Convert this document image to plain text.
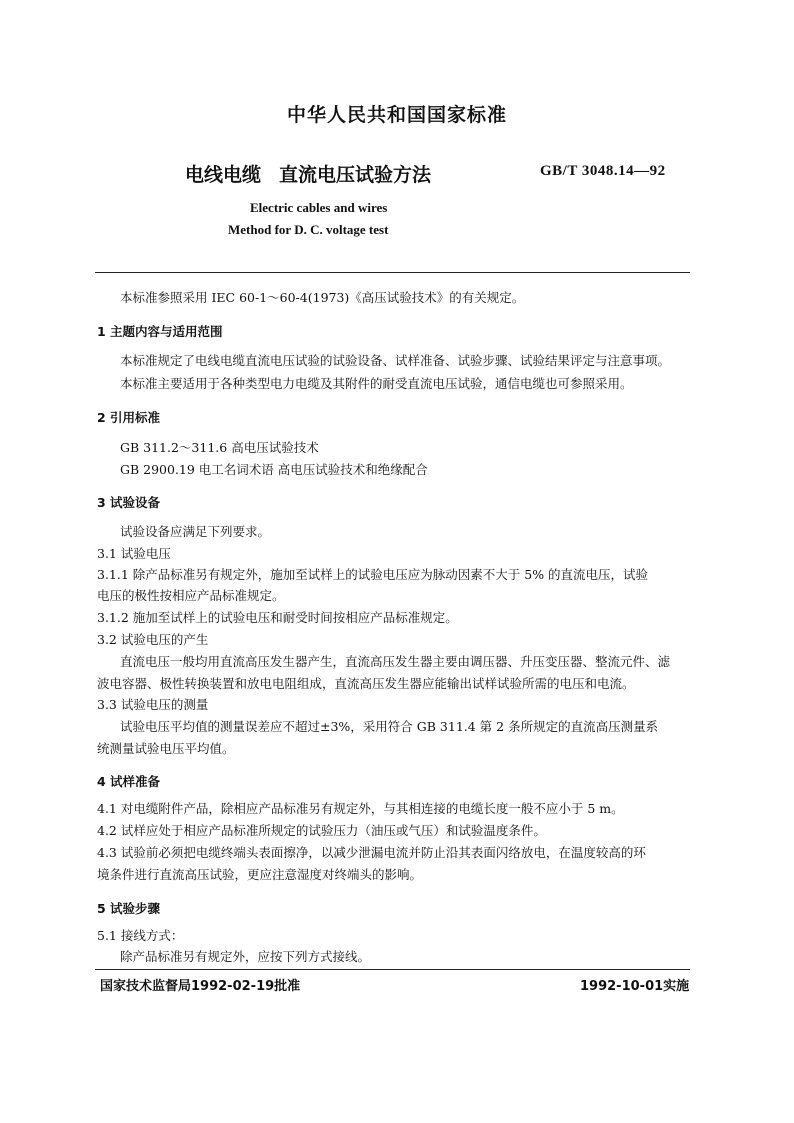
中华人民共和国国家标准
电线电缆 直流电压试验方法	GB/T 3048.14—92
Electric cables and wires
Method for D. C. voltage test
本标准参照采用 IEC 60-1～60-4(1973)《高压试验技术》的有关规定。
1 主题内容与适用范围
本标准规定了电线电缆直流电压试验的试验设备、试样准备、试验步骤、试验结果评定与注意事项。
本标准主要适用于各种类型电力电缆及其附件的耐受直流电压试验，通信电缆也可参照采用。
2 引用标准
GB 311.2～311.6 高电压试验技术
GB 2900.19 电工名词术语 高电压试验技术和绝缘配合
3 试验设备
试验设备应满足下列要求。
3.1 试验电压
3.1.1 除产品标准另有规定外，施加至试样上的试验电压应为脉动因素不大于 5% 的直流电压，试验
电压的极性按相应产品标准规定。
3.1.2 施加至试样上的试验电压和耐受时间按相应产品标准规定。
3.2 试验电压的产生
直流电压一般均用直流高压发生器产生，直流高压发生器主要由调压器、升压变压器、整流元件、滤
波电容器、极性转换装置和放电电阻组成，直流高压发生器应能输出试样试验所需的电压和电流。
3.3 试验电压的测量
试验电压平均值的测量误差应不超过±3%，采用符合 GB 311.4 第 2 条所规定的直流高压测量系
统测量试验电压平均值。
4 试样准备
4.1 对电缆附件产品，除相应产品标准另有规定外，与其相连接的电缆长度一般不应小于 5 m。
4.2 试样应处于相应产品标准所规定的试验压力（油压或气压）和试验温度条件。
4.3 试验前必须把电缆终端头表面擦净，以减少泄漏电流并防止沿其表面闪络放电，在温度较高的环
境条件进行直流高压试验，更应注意湿度对终端头的影响。
5 试验步骤
5.1 接线方式：
除产品标准另有规定外，应按下列方式接线。
国家技术监督局1992-02-19批准	1992-10-01实施
